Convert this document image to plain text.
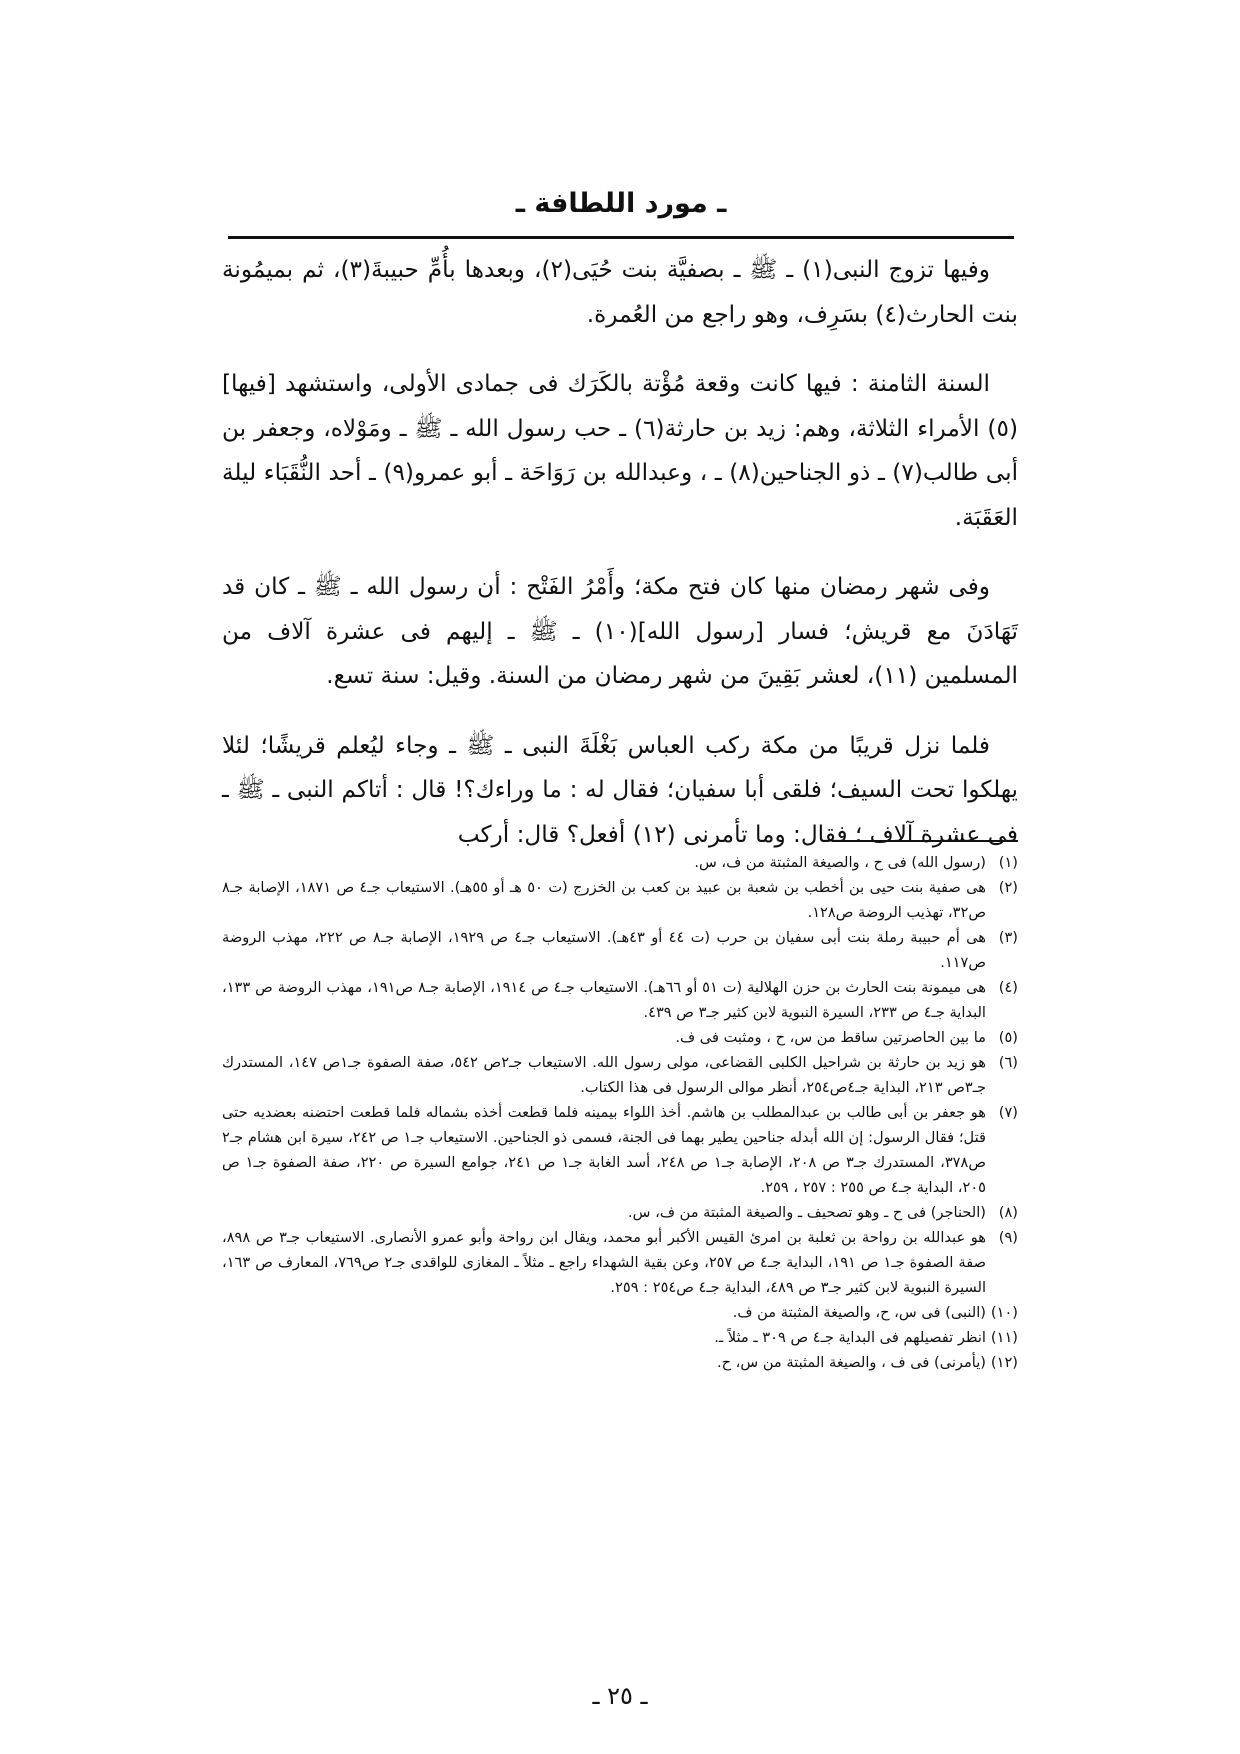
ـ مورد اللطافة ـ

وفيها تزوج النبى(١) ـ ﷺ ـ بصفيَّة بنت حُيَى(٢)، وبعدها بأُمِّ حبيبةَ(٣)، ثم بميمُونة بنت الحارث(٤) بسَرِف، وهو راجع من العُمرة.

السنة الثامنة : فيها كانت وقعة مُؤْتة بالكَرَك فى جمادى الأولى، واستشهد [فيها](٥) الأمراء الثلاثة، وهم: زيد بن حارثة(٦) ـ حب رسول الله ـ ﷺ ـ ومَوْلاه، وجعفر بن أبى طالب(٧) ـ ذو الجناحين(٨) ـ ، وعبدالله بن رَوَاحَة ـ أبو عمرو(٩) ـ أحد النُّقَبَاء ليلة العَقَبَة.

وفى شهر رمضان منها كان فتح مكة؛ وأَمْرُ الفَتْح : أن رسول الله ـ ﷺ ـ كان قد تَهَادَنَ مع قريش؛ فسار [رسول الله](١٠) ـ ﷺ ـ إليهم فى عشرة آلاف من المسلمين (١١)، لعشر بَقِينَ من شهر رمضان من السنة. وقيل: سنة تسع.

فلما نزل قريبًا من مكة ركب العباس بَغْلَةَ النبى ـ ﷺ ـ وجاء ليُعلم قريشًا؛ لئلا يهلكوا تحت السيف؛ فلقى أبا سفيان؛ فقال له : ما وراءك؟! قال : أتاكم النبى ـ ﷺ ـ فى عشرة آلاف ؛ فقال: وما تأمرنى (١٢) أفعل؟ قال: أركب

(١)
(رسول الله) فى ح ، والصيغة المثبتة من ف، س.
(٢)
هى صفية بنت حيى بن أخطب بن شعبة بن عبيد بن كعب بن الخزرج (ت ٥٠ هـ أو ٥٥هـ). الاستيعاب جـ٤ ص ١٨٧١، الإصابة جـ٨ ص٣٢، تهذيب الروضة ص١٢٨.
(٣)
هى أم حبيبة رملة بنت أبى سفيان بن حرب (ت ٤٤ أو ٤٣هـ). الاستيعاب جـ٤ ص ١٩٢٩، الإصابة جـ٨ ص ٢٢٢، مهذب الروضة ص١١٧.
(٤)
هى ميمونة بنت الحارث بن حزن الهلالية (ت ٥١ أو ٦٦هـ). الاستيعاب جـ٤ ص ١٩١٤، الإصابة جـ٨ ص١٩١، مهذب الروضة ص ١٣٣، البداية جـ٤ ص ٢٣٣، السيرة النبوية لابن كثير جـ٣ ص ٤٣٩.
(٥)
ما بين الحاصرتين ساقط من س، ح ، ومثبت فى ف.
(٦)
هو زيد بن حارثة بن شراحيل الكلبى القضاعى، مولى رسول الله. الاستيعاب جـ٢ص ٥٤٢، صفة الصفوة جـ١ص ١٤٧، المستدرك جـ٣ص ٢١٣، البداية جـ٤ص٢٥٤، أنظر موالى الرسول فى هذا الكتاب.
(٧)
هو جعفر بن أبى طالب بن عبدالمطلب بن هاشم. أخذ اللواء بيمينه فلما قطعت أخذه بشماله فلما قطعت احتضنه بعضديه حتى قتل؛ فقال الرسول: إن الله أبدله جناحين يطير بهما فى الجنة، فسمى ذو الجناحين. الاستيعاب جـ١ ص ٢٤٢، سيرة ابن هشام جـ٢ ص٣٧٨، المستدرك جـ٣ ص ٢٠٨، الإصابة جـ١ ص ٢٤٨، أسد الغابة جـ١ ص ٢٤١، جوامع السيرة ص ٢٢٠، صفة الصفوة جـ١ ص ٢٠٥، البداية جـ٤ ص ٢٥٥ : ٢٥٧ ، ٢٥٩.
(٨)
(الحناجر) فى ح ـ وهو تصحيف ـ والصيغة المثبتة من ف، س.
(٩)
هو عبدالله بن رواحة بن ثعلبة بن امرئ القيس الأكبر أبو محمد، ويقال ابن رواحة وأبو عمرو الأنصارى. الاستيعاب جـ٣ ص ٨٩٨، صفة الصفوة جـ١ ص ١٩١، البداية جـ٤ ص ٢٥٧، وعن بقية الشهداء راجع ـ مثلاً ـ المغازى للواقدى جـ٢ ص٧٦٩، المعارف ص ١٦٣، السيرة النبوية لابن كثير جـ٣ ص ٤٨٩، البداية جـ٤ ص٢٥٤ : ٢٥٩.
(١٠)
(النبى) فى س، ح، والصيغة المثبتة من ف.
(١١)
انظر تفصيلهم فى البداية جـ٤ ص ٣٠٩ ـ مثلاً ـ.
(١٢)
(يأمرنى) فى ف ، والصيغة المثبتة من س، ح.
ـ ٢٥ ـ
